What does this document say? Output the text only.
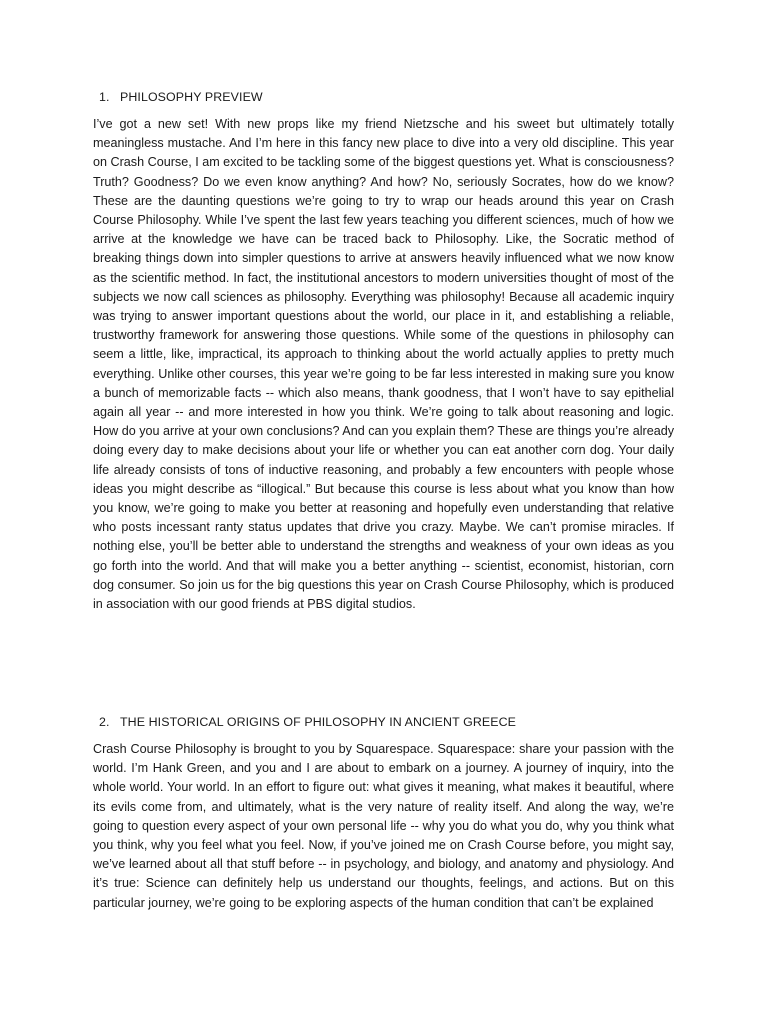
1. PHILOSOPHY PREVIEW

I’ve got a new set! With new props like my friend Nietzsche and his sweet but ultimately totally meaningless mustache. And I’m here in this fancy new place to dive into a very old discipline. This year on Crash Course, I am excited to be tackling some of the biggest questions yet. What is consciousness? Truth? Goodness? Do we even know anything? And how? No, seriously Socrates, how do we know? These are the daunting questions we’re going to try to wrap our heads around this year on Crash Course Philosophy. While I’ve spent the last few years teaching you different sciences, much of how we arrive at the knowledge we have can be traced back to Philosophy. Like, the Socratic method of breaking things down into simpler questions to arrive at answers heavily influenced what we now know as the scientific method. In fact, the institutional ancestors to modern universities thought of most of the subjects we now call sciences as philosophy. Everything was philosophy! Because all academic inquiry was trying to answer important questions about the world, our place in it, and establishing a reliable, trustworthy framework for answering those questions. While some of the questions in philosophy can seem a little, like, impractical, its approach to thinking about the world actually applies to pretty much everything. Unlike other courses, this year we’re going to be far less interested in making sure you know a bunch of memorizable facts -- which also means, thank goodness, that I won’t have to say epithelial again all year -- and more interested in how you think. We’re going to talk about reasoning and logic. How do you arrive at your own conclusions? And can you explain them? These are things you’re already doing every day to make decisions about your life or whether you can eat another corn dog. Your daily life already consists of tons of inductive reasoning, and probably a few encounters with people whose ideas you might describe as “illogical.” But because this course is less about what you know than how you know, we’re going to make you better at reasoning and hopefully even understanding that relative who posts incessant ranty status updates that drive you crazy. Maybe. We can’t promise miracles. If nothing else, you’ll be better able to understand the strengths and weakness of your own ideas as you go forth into the world. And that will make you a better anything -- scientist, economist, historian, corn dog consumer. So join us for the big questions this year on Crash Course Philosophy, which is produced in association with our good friends at PBS digital studios.

2. THE HISTORICAL ORIGINS OF PHILOSOPHY IN ANCIENT GREECE

Crash Course Philosophy is brought to you by Squarespace. Squarespace: share your passion with the world. I’m Hank Green, and you and I are about to embark on a journey. A journey of inquiry, into the whole world. Your world. In an effort to figure out: what gives it meaning, what makes it beautiful, where its evils come from, and ultimately, what is the very nature of reality itself. And along the way, we’re going to question every aspect of your own personal life -- why you do what you do, why you think what you think, why you feel what you feel. Now, if you’ve joined me on Crash Course before, you might say, we’ve learned about all that stuff before -- in psychology, and biology, and anatomy and physiology. And it’s true: Science can definitely help us understand our thoughts, feelings, and actions. But on this particular journey, we’re going to be exploring aspects of the human condition that can’t be explained
